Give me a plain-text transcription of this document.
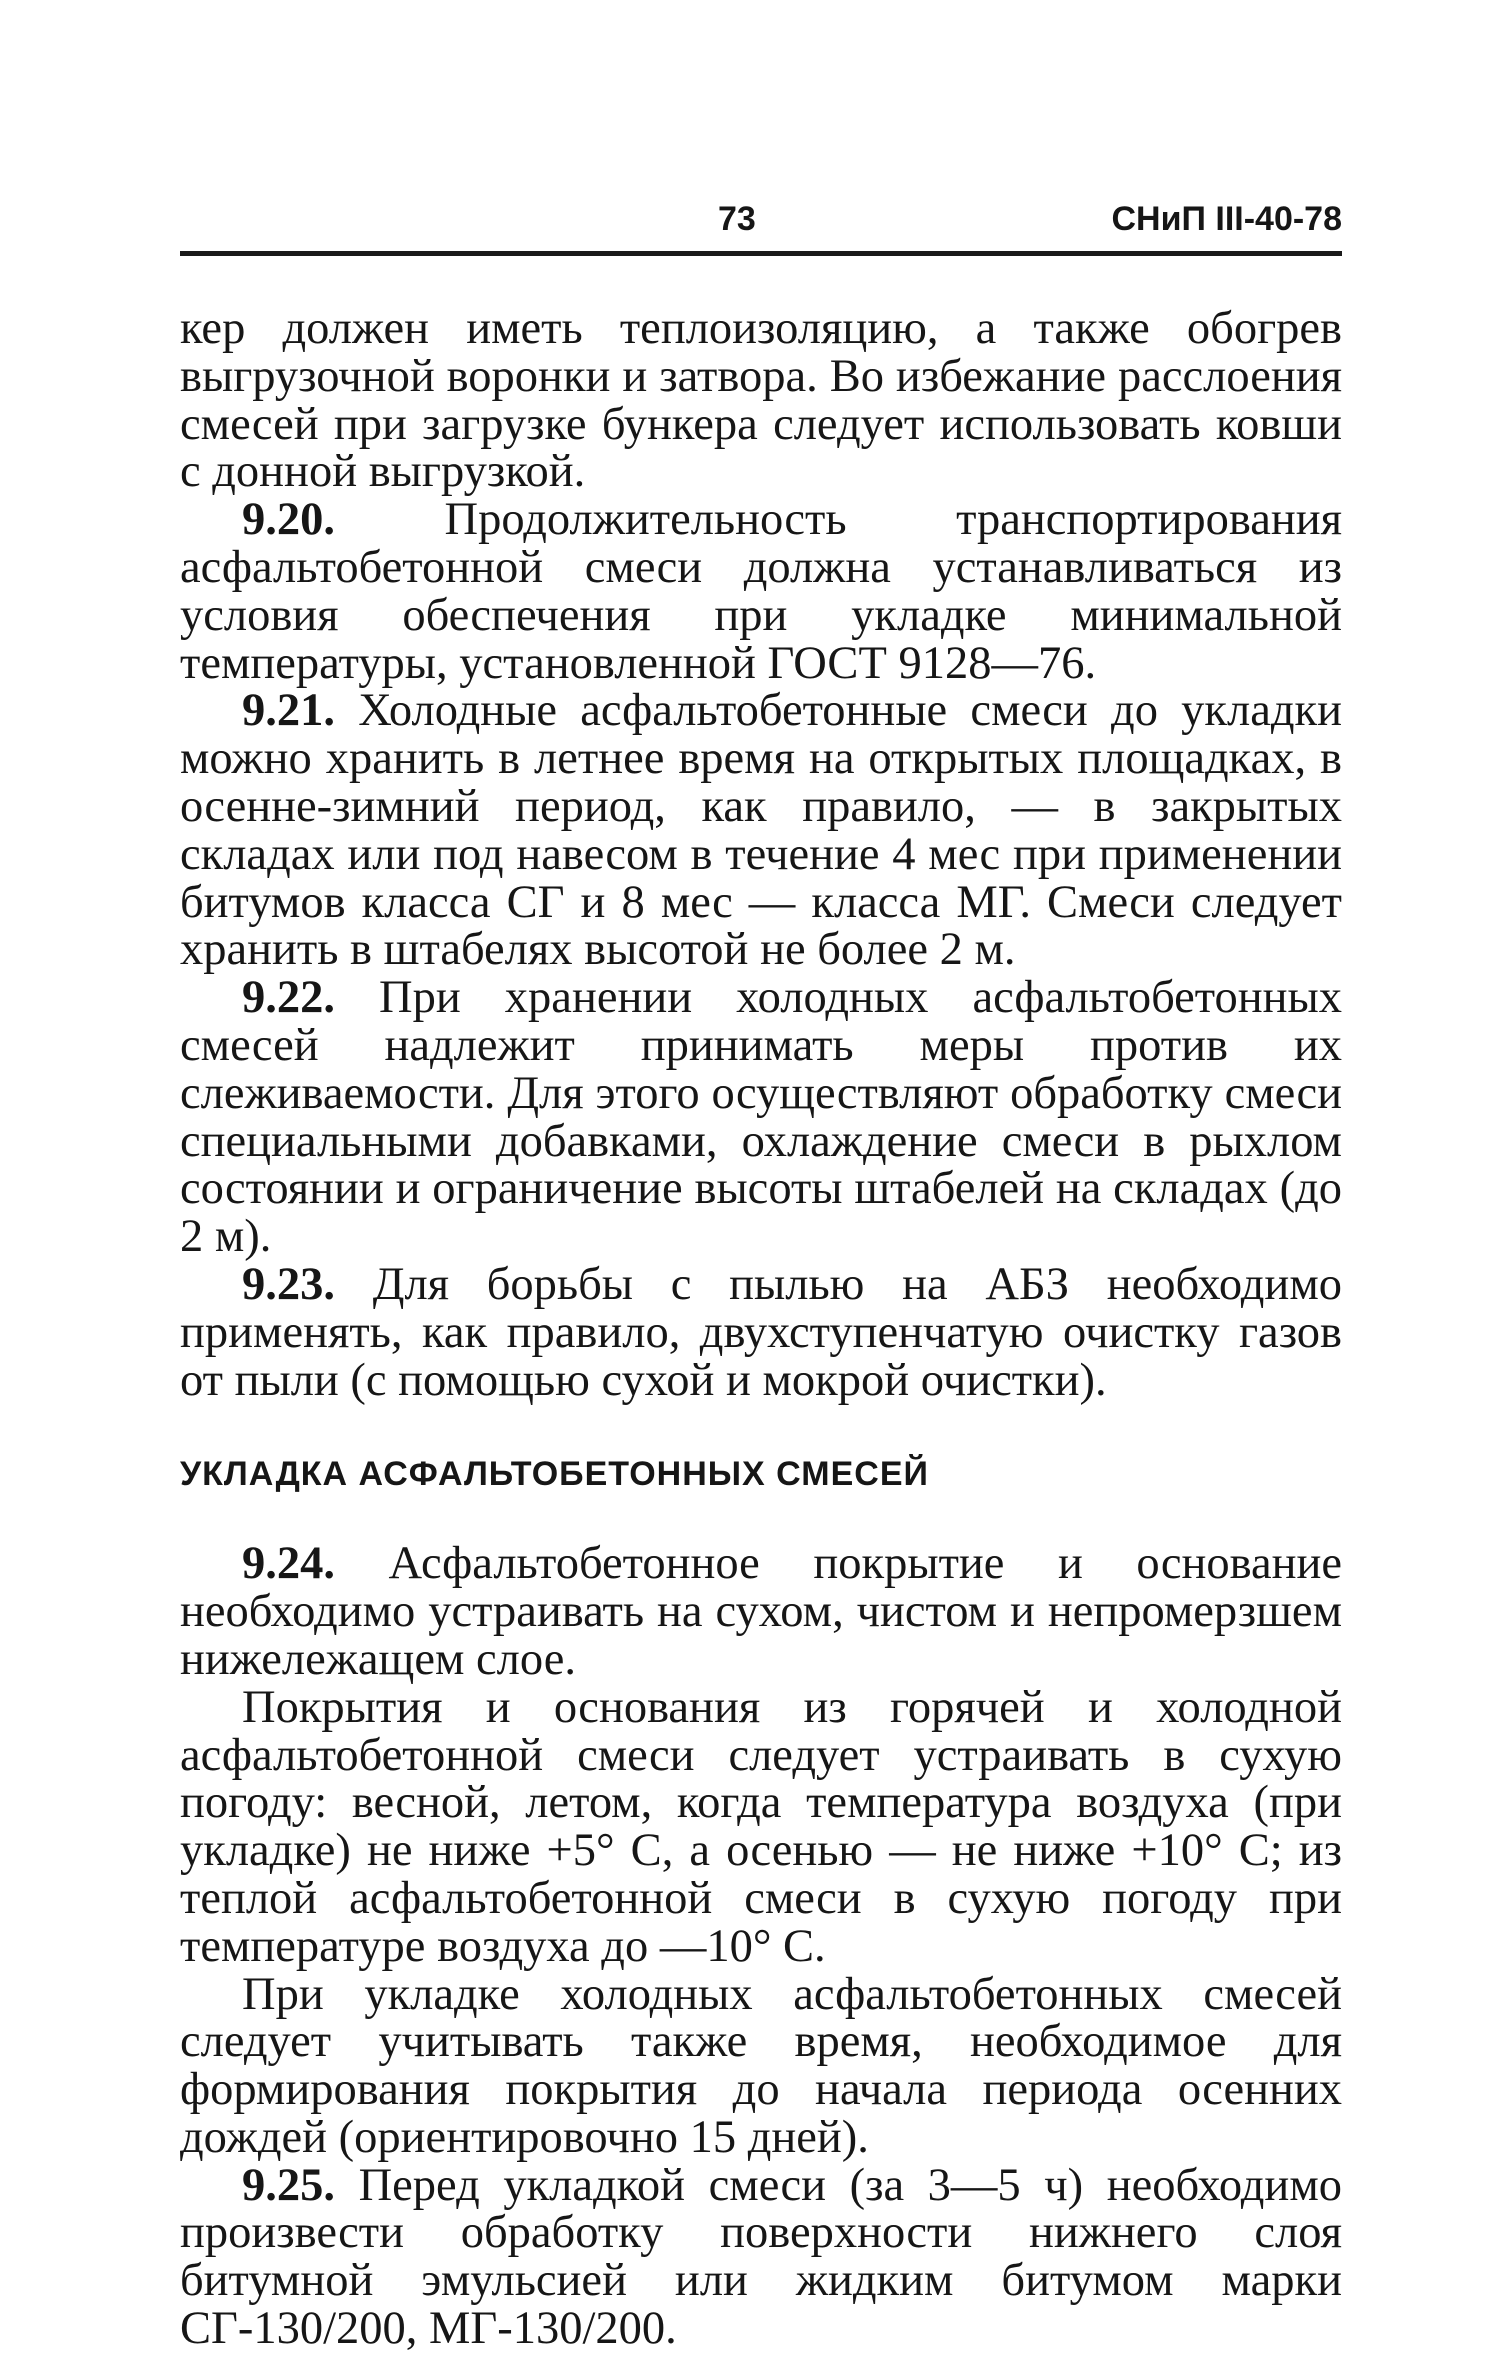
73	СНиП III-40-78

кер должен иметь теплоизоляцию, а также обогрев выгрузочной воронки и затвора. Во избежание расслоения смесей при загрузке бункера следует использовать ковши с донной выгрузкой.

9.20. Продолжительность транспортирования асфальтобетонной смеси должна устанавливаться из условия обеспечения при укладке минимальной температуры, установленной ГОСТ 9128—76.

9.21. Холодные асфальтобетонные смеси до укладки можно хранить в летнее время на открытых площадках, в осенне-зимний период, как правило, — в закрытых складах или под навесом в течение 4 мес при применении битумов класса СГ и 8 мес — класса МГ. Смеси следует хранить в штабелях высотой не более 2 м.

9.22. При хранении холодных асфальтобетонных смесей надлежит принимать меры против их слеживаемости. Для этого осуществляют обработку смеси специальными добавками, охлаждение смеси в рыхлом состоянии и ограничение высоты штабелей на складах (до 2 м).

9.23. Для борьбы с пылью на АБЗ необходимо применять, как правило, двухступенчатую очистку газов от пыли (с помощью сухой и мокрой очистки).

УКЛАДКА АСФАЛЬТОБЕТОННЫХ СМЕСЕЙ

9.24. Асфальтобетонное покрытие и основание необходимо устраивать на сухом, чистом и непромерзшем нижележащем слое.

Покрытия и основания из горячей и холодной асфальтобетонной смеси следует устраивать в сухую погоду: весной, летом, когда температура воздуха (при укладке) не ниже +5° С, а осенью — не ниже +10° С; из теплой асфальтобетонной смеси в сухую погоду при температуре воздуха до —10° С.

При укладке холодных асфальтобетонных смесей следует учитывать также время, необходимое для формирования покрытия до начала периода осенних дождей (ориентировочно 15 дней).

9.25. Перед укладкой смеси (за 3—5 ч) необходимо произвести обработку поверхности нижнего слоя битумной эмульсией или жидким битумом марки СГ-130/200, МГ-130/200.
